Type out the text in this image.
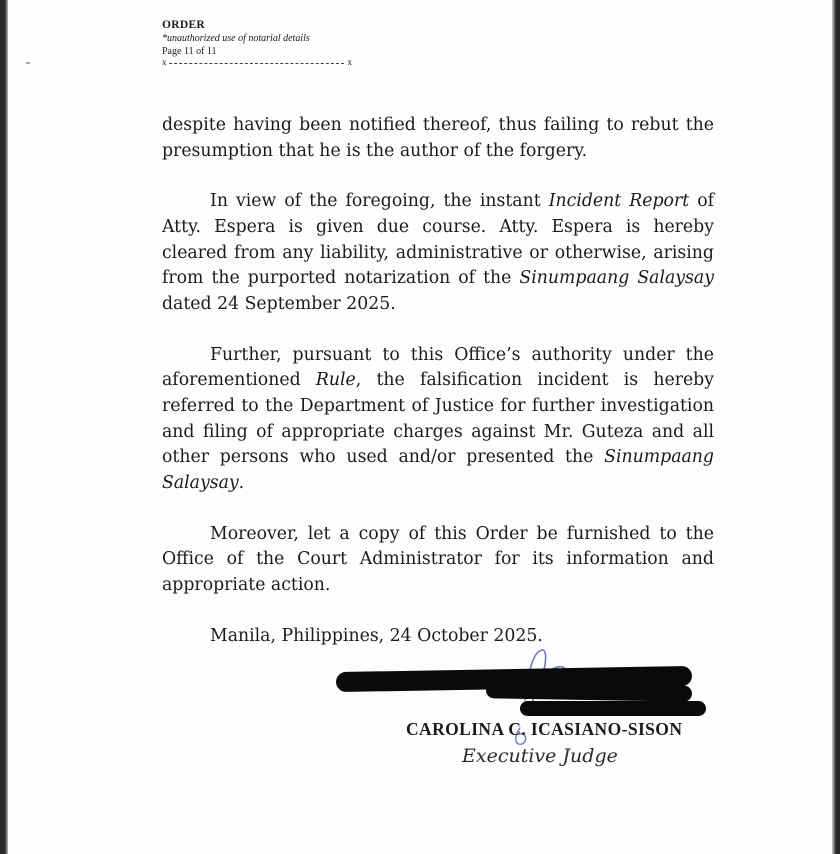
ORDER

*unauthorized use of notarial details

Page 11 of 11

x	x

despite having been notified thereof, thus failing to rebut the presumption that he is the author of the forgery.

In view of the foregoing, the instant Incident Report of Atty. Espera is given due course. Atty. Espera is hereby cleared from any liability, administrative or otherwise, arising from the purported notarization of the Sinumpaang Salaysay dated 24 September 2025.

Further, pursuant to this Office’s authority under the aforementioned Rule, the falsification incident is hereby referred to the Department of Justice for further investigation and filing of appropriate charges against Mr. Guteza and all other persons who used and/or presented the Sinumpaang Salaysay.

Moreover, let a copy of this Order be furnished to the Office of the Court Administrator for its information and appropriate action.

Manila, Philippines, 24 October 2025.

CAROLINA C. ICASIANO-SISON
Executive Judge
